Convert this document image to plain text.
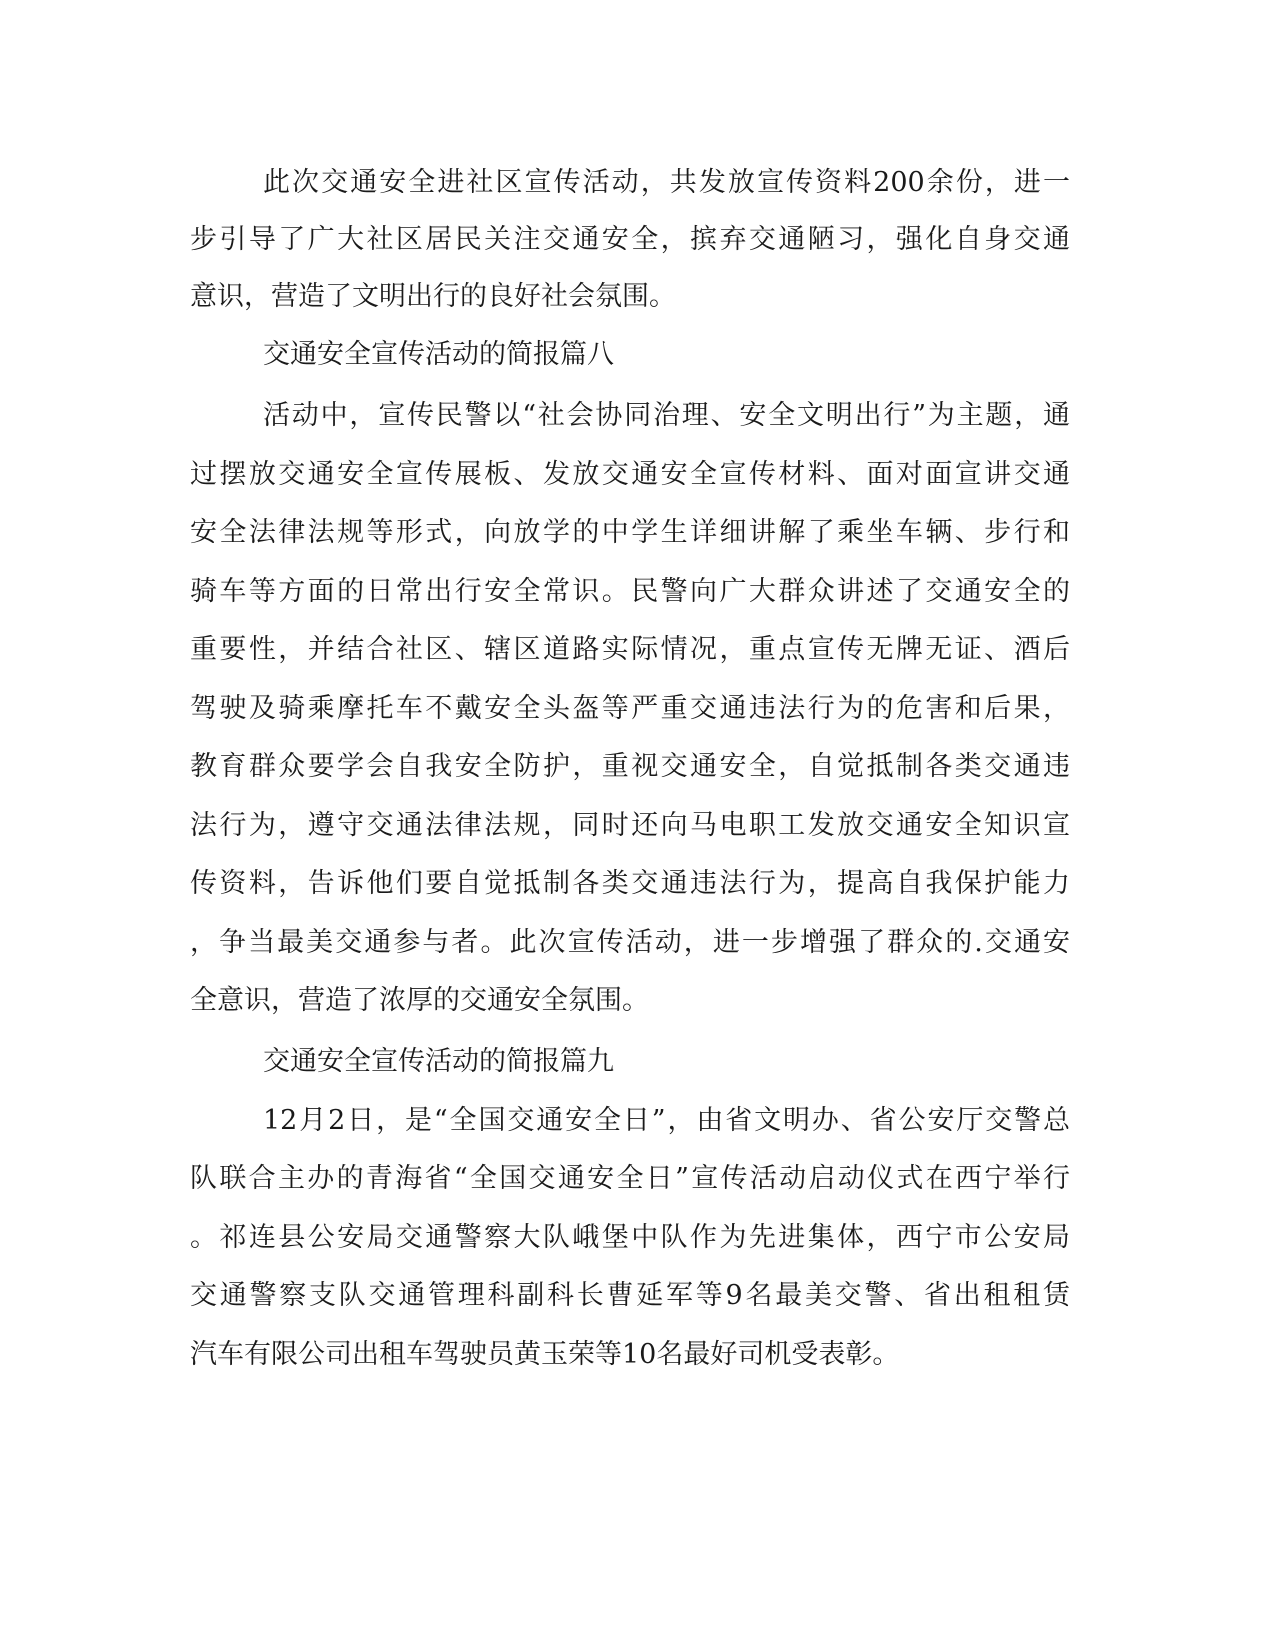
此次交通安全进社区宣传活动，共发放宣传资料200余份，进一
步引导了广大社区居民关注交通安全，摈弃交通陋习，强化自身交通
意识，营造了文明出行的良好社会氛围。
交通安全宣传活动的简报篇八
活动中，宣传民警以“社会协同治理、安全文明出行”为主题，通
过摆放交通安全宣传展板、发放交通安全宣传材料、面对面宣讲交通
安全法律法规等形式，向放学的中学生详细讲解了乘坐车辆、步行和
骑车等方面的日常出行安全常识。民警向广大群众讲述了交通安全的
重要性，并结合社区、辖区道路实际情况，重点宣传无牌无证、酒后
驾驶及骑乘摩托车不戴安全头盔等严重交通违法行为的危害和后果，
教育群众要学会自我安全防护，重视交通安全，自觉抵制各类交通违
法行为，遵守交通法律法规，同时还向马电职工发放交通安全知识宣
传资料，告诉他们要自觉抵制各类交通违法行为，提高自我保护能力
，争当最美交通参与者。此次宣传活动，进一步增强了群众的.交通安
全意识，营造了浓厚的交通安全氛围。
交通安全宣传活动的简报篇九
12月2日，是“全国交通安全日”，由省文明办、省公安厅交警总
队联合主办的青海省“全国交通安全日”宣传活动启动仪式在西宁举行
。祁连县公安局交通警察大队峨堡中队作为先进集体，西宁市公安局
交通警察支队交通管理科副科长曹延军等9名最美交警、省出租租赁
汽车有限公司出租车驾驶员黄玉荣等10名最好司机受表彰。
